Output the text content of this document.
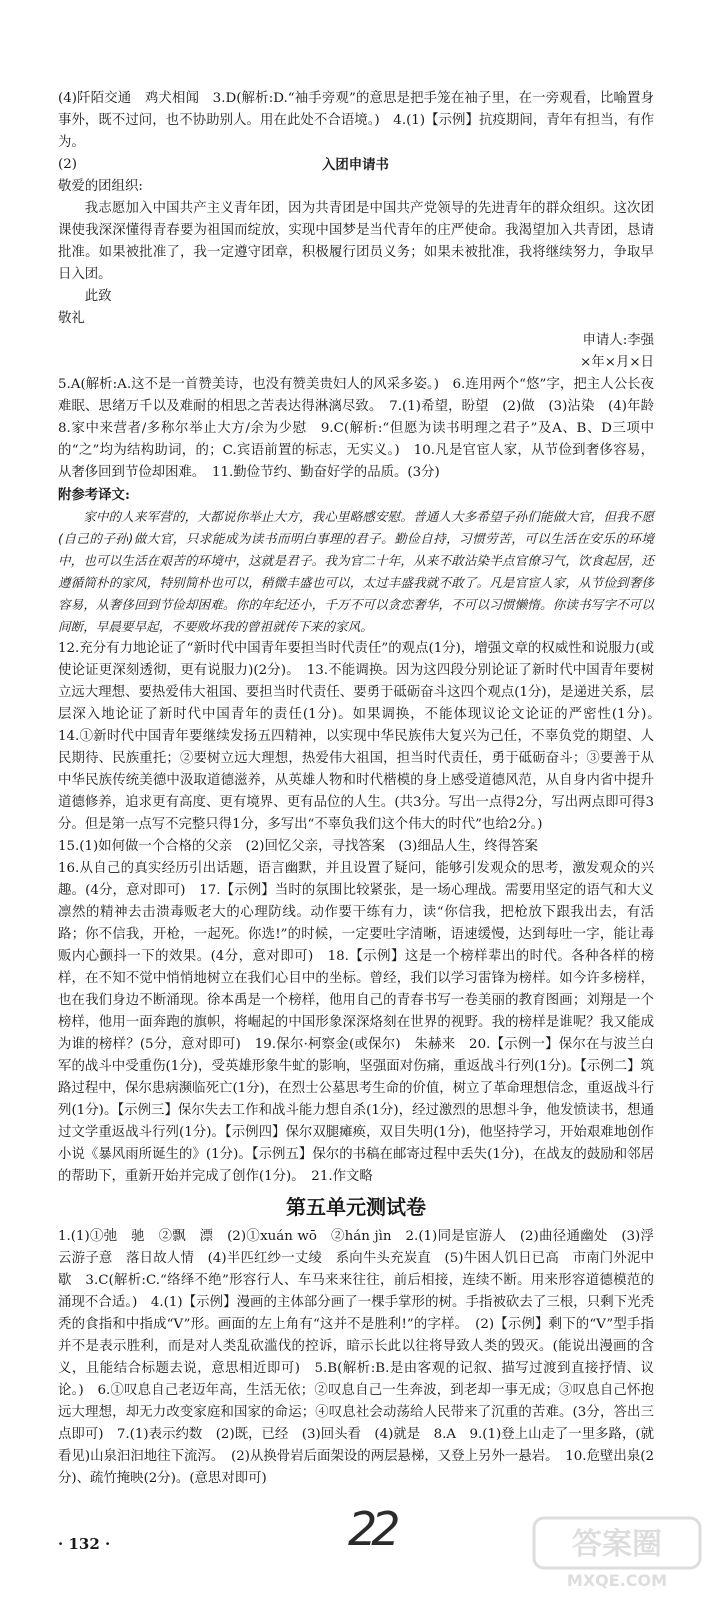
(4)阡陌交通　鸡犬相闻　3.D(解析:D.“袖手旁观”的意思是把手笼在袖子里，在一旁观看，比喻置身事外，既不过问，也不协助别人。用在此处不合语境。)　4.(1)【示例】抗疫期间，青年有担当，有作为。

(2)	入团申请书

敬爱的团组织:

我志愿加入中国共产主义青年团，因为共青团是中国共产党领导的先进青年的群众组织。这次团课使我深深懂得青春要为祖国而绽放，实现中国梦是当代青年的庄严使命。我渴望加入共青团，恳请批准。如果被批准了，我一定遵守团章，积极履行团员义务；如果未被批准，我将继续努力，争取早日入团。

此致

敬礼

申请人:李强

×年×月×日

5.A(解析:A.这不是一首赞美诗，也没有赞美贵妇人的风采多姿。)　6.连用两个“悠”字，把主人公长夜难眠、思绪万千以及难耐的相思之苦表达得淋漓尽致。　7.(1)希望，盼望　(2)做　(3)沾染　(4)年龄　8.家中来营者/多称尔举止大方/余为少慰　9.C(解析:“但愿为读书明理之君子”及A、B、D三项中的“之”均为结构助词，的；C.宾语前置的标志，无实义。)　10.凡是官宦人家，从节俭到奢侈容易，从奢侈回到节俭却困难。　11.勤俭节约、勤奋好学的品质。(3分)

附参考译文:

家中的人来军营的，大都说你举止大方，我心里略感安慰。普通人大多希望子孙们能做大官，但我不愿(自己的子孙)做大官，只求能成为读书而明白事理的君子。勤俭自持，习惯劳苦，可以生活在安乐的环境中，也可以生活在艰苦的环境中，这就是君子。我为官二十年，从来不敢沾染半点官僚习气，饮食起居，还遵循简朴的家风，特别简朴也可以，稍微丰盛也可以，太过丰盛我就不敢了。凡是官宦人家，从节俭到奢侈容易，从奢侈回到节俭却困难。你的年纪还小，千万不可以贪恋奢华，不可以习惯懒惰。你读书写字不可以间断，早晨要早起，不要败坏我的曾祖就传下来的家风。

12.充分有力地论证了“新时代中国青年要担当时代责任”的观点(1分)，增强文章的权威性和说服力(或使论证更深刻透彻，更有说服力)(2分)。　13.不能调换。因为这四段分别论证了新时代中国青年要树立远大理想、要热爱伟大祖国、要担当时代责任、要勇于砥砺奋斗这四个观点(1分)，是递进关系，层层深入地论证了新时代中国青年的责任(1分)。如果调换，不能体现议论文论证的严密性(1分)。　14.①新时代中国青年要继续发扬五四精神，以实现中华民族伟大复兴为己任，不辜负党的期望、人民期待、民族重托；②要树立远大理想，热爱伟大祖国，担当时代责任，勇于砥砺奋斗；③要善于从中华民族传统美德中汲取道德滋养，从英雄人物和时代楷模的身上感受道德风范，从自身内省中提升道德修养，追求更有高度、更有境界、更有品位的人生。(共3分。写出一点得2分，写出两点即可得3分。但是第一点写不完整只得1分，多写出“不辜负我们这个伟大的时代”也给2分。)

15.(1)如何做一个合格的父亲　(2)回忆父亲，寻找答案　(3)细品人生，终得答案

16.从自己的真实经历引出话题，语言幽默，并且设置了疑问，能够引发观众的思考，激发观众的兴趣。(4分，意对即可)　17.【示例】当时的氛围比较紧张，是一场心理战。需要用坚定的语气和大义凛然的精神去击溃毒贩老大的心理防线。动作要干练有力，读“你信我，把枪放下跟我出去，有活路；你不信我，开枪，一起死。你选!”的时候，一定要吐字清晰，语速缓慢，达到每吐一字，能让毒贩内心颤抖一下的效果。(4分，意对即可)　18.【示例】这是一个榜样辈出的时代。各种各样的榜样，在不知不觉中悄悄地树立在我们心目中的坐标。曾经，我们以学习雷锋为榜样。如今许多榜样，也在我们身边不断涌现。徐本禹是一个榜样，他用自己的青春书写一卷美丽的教育图画；刘翔是一个榜样，他用一面奔跑的旗帜，将崛起的中国形象深深烙刻在世界的视野。我的榜样是谁呢？我又能成为谁的榜样？(5分，意对即可)　19.保尔·柯察金(或保尔)　朱赫来　20.【示例一】保尔在与波兰白军的战斗中受重伤(1分)，受英雄形象牛虻的影响，坚强面对伤痛，重返战斗行列(1分)。【示例二】筑路过程中，保尔患病濒临死亡(1分)，在烈士公墓思考生命的价值，树立了革命理想信念，重返战斗行列(1分)。【示例三】保尔失去工作和战斗能力想自杀(1分)，经过激烈的思想斗争，他发愤读书，想通过文学重返战斗行列(1分)。【示例四】保尔双腿瘫痪，双目失明(1分)，他坚持学习，开始艰难地创作小说《暴风雨所诞生的》(1分)。【示例五】保尔的书稿在邮寄过程中丢失(1分)，在战友的鼓励和邻居的帮助下，重新开始并完成了创作(1分)。　21.作文略

第五单元测试卷

1.(1)①弛　驰　②飘　漂　(2)①xuán wō　②hán jìn　2.(1)同是宦游人　(2)曲径通幽处　(3)浮云游子意　落日故人情　(4)半匹红纱一丈绫　系向牛头充炭直　(5)牛困人饥日已高　市南门外泥中歇　3.C(解析:C.“络绎不绝”形容行人、车马来来往往，前后相接，连续不断。用来形容道德模范的涌现不合适。)　4.(1)【示例】漫画的主体部分画了一棵手掌形的树。手指被砍去了三根，只剩下光秃秃的食指和中指成“V”形。画面的左上角有“这并不是胜利!”的字样。　(2)【示例】剩下的“V”型手指并不是表示胜利，而是对人类乱砍滥伐的控诉，暗示长此以往将导致人类的毁灭。(能说出漫画的含义，且能结合标题去说，意思相近即可)　5.B(解析:B.是由客观的记叙、描写过渡到直接抒情、议论。)　6.①叹息自己老迈年高，生活无依；②叹息自己一生奔波，到老却一事无成；③叹息自己怀抱远大理想，却无力改变家庭和国家的命运；④叹息社会动荡给人民带来了沉重的苦难。(3分，答出三点即可)　7.(1)表示约数　(2)既，已经　(3)回头看　(4)就是　8.A　9.(1)登上山走了一里多路，(就看见)山泉汩汩地往下流泻。　(2)从换骨岩后面架设的两层悬梯，又登上另外一悬岩。　10.危壁出泉(2分)、疏竹掩映(2分)。(意思对即可)

· 132 ·	22	答案圈
MXQE.COM
